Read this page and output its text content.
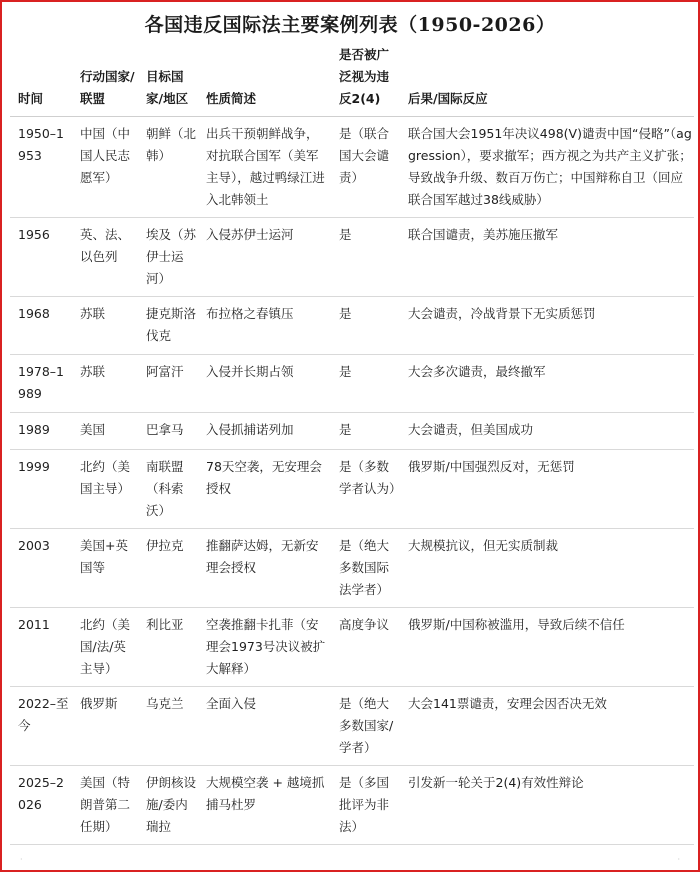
各国违反国际法主要案例列表（1950-2026）
时间	行动国家/联盟	目标国家/地区	性质简述	是否被广泛视为违反2(4)	后果/国际反应
1950–1953	中国（中国人民志愿军）	朝鲜（北韩）	出兵干预朝鲜战争，对抗联合国军（美军主导），越过鸭绿江进入北韩领土	是（联合国大会谴责）	联合国大会1951年决议498(V)谴责中国“侵略”（aggression），要求撤军；西方视之为共产主义扩张；导致战争升级、数百万伤亡；中国辩称自卫（回应联合国军越过38线威胁）
1956	英、法、以色列	埃及（苏伊士运河）	入侵苏伊士运河	是	联合国谴责，美苏施压撤军
1968	苏联	捷克斯洛伐克	布拉格之春镇压	是	大会谴责，冷战背景下无实质惩罚
1978–1989	苏联	阿富汗	入侵并长期占领	是	大会多次谴责，最终撤军
1989	美国	巴拿马	入侵抓捕诺列加	是	大会谴责，但美国成功
1999	北约（美国主导）	南联盟（科索沃）	78天空袭，无安理会授权	是（多数学者认为）	俄罗斯/中国强烈反对，无惩罚
2003	美国+英国等	伊拉克	推翻萨达姆，无新安理会授权	是（绝大多数国际法学者）	大规模抗议，但无实质制裁
2011	北约（美国/法/英主导）	利比亚	空袭推翻卡扎菲（安理会1973号决议被扩大解释）	高度争议	俄罗斯/中国称被滥用，导致后续不信任
2022–至今	俄罗斯	乌克兰	全面入侵	是（绝大多数国家/学者）	大会141票谴责，安理会因否决无效
2025–2026	美国（特朗普第二任期）	伊朗核设施/委内瑞拉	大规模空袭 + 越境抓捕马杜罗	是（多国批评为非法）	引发新一轮关于2(4)有效性辩论
·	·
